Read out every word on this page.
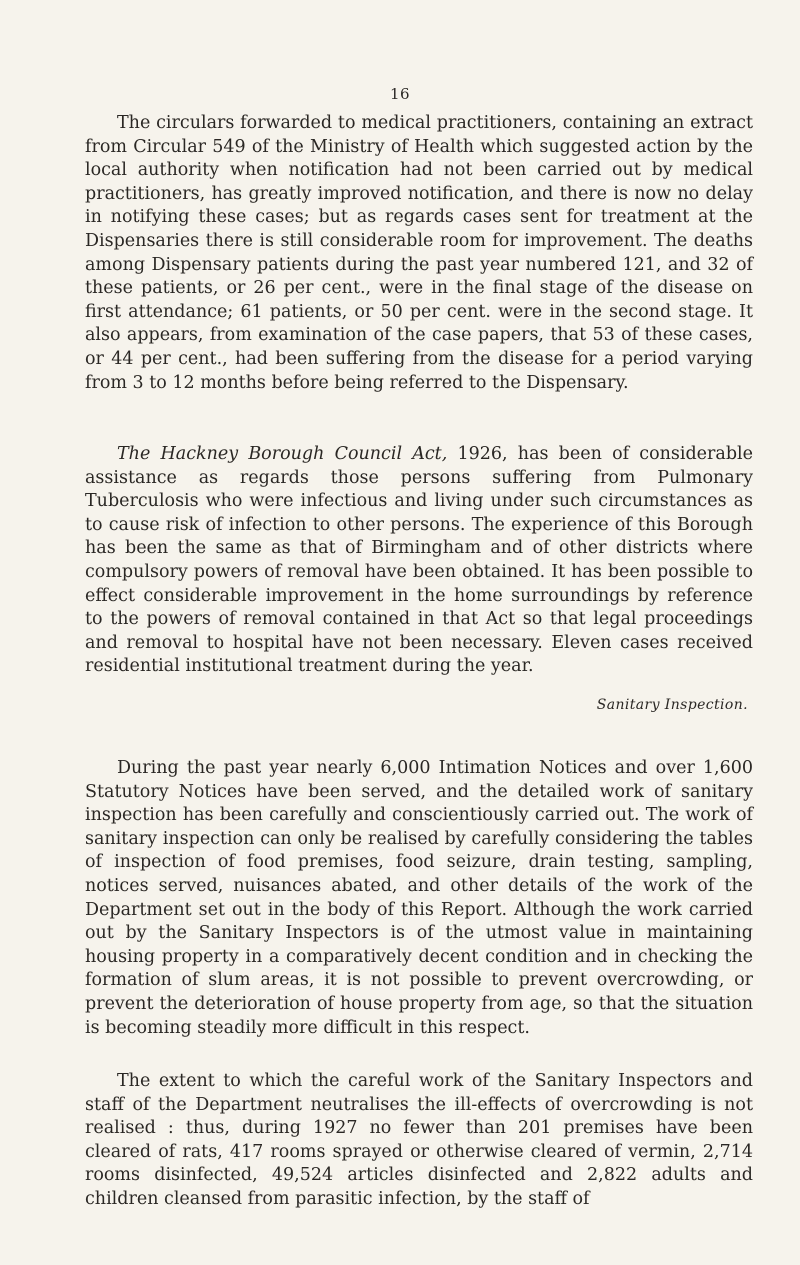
16

The circulars forwarded to medical practitioners, containing an extract from Circular 549 of the Ministry of Health which suggested action by the local authority when notification had not been carried out by medical practitioners, has greatly improved notification, and there is now no delay in notifying these cases; but as regards cases sent for treatment at the Dispensaries there is still considerable room for improvement. The deaths among Dispensary patients during the past year numbered 121, and 32 of these patients, or 26 per cent., were in the final stage of the disease on first attendance; 61 patients, or 50 per cent. were in the second stage. It also appears, from examination of the case papers, that 53 of these cases, or 44 per cent., had been suffering from the disease for a period varying from 3 to 12 months before being referred to the Dispensary.

The Hackney Borough Council Act, 1926, has been of considerable assistance as regards those persons suffering from Pulmonary Tuberculosis who were infectious and living under such circumstances as to cause risk of infection to other persons. The experience of this Borough has been the same as that of Birmingham and of other districts where compulsory powers of removal have been obtained. It has been possible to effect considerable improvement in the home surroundings by reference to the powers of removal contained in that Act so that legal proceedings and removal to hospital have not been necessary. Eleven cases received residential institutional treatment during the year.

Sanitary Inspection.

During the past year nearly 6,000 Intimation Notices and over 1,600 Statutory Notices have been served, and the detailed work of sanitary inspection has been carefully and conscientiously carried out. The work of sanitary inspection can only be realised by carefully considering the tables of inspection of food premises, food seizure, drain testing, sampling, notices served, nuisances abated, and other details of the work of the Department set out in the body of this Report. Although the work carried out by the Sanitary Inspectors is of the utmost value in maintaining housing property in a comparatively decent condition and in checking the formation of slum areas, it is not possible to prevent overcrowding, or prevent the deterioration of house property from age, so that the situation is becoming steadily more difficult in this respect.

The extent to which the careful work of the Sanitary Inspectors and staff of the Department neutralises the ill-effects of overcrowding is not realised : thus, during 1927 no fewer than 201 premises have been cleared of rats, 417 rooms sprayed or otherwise cleared of vermin, 2,714 rooms disinfected, 49,524 articles disinfected and 2,822 adults and children cleansed from parasitic infection, by the staff of
